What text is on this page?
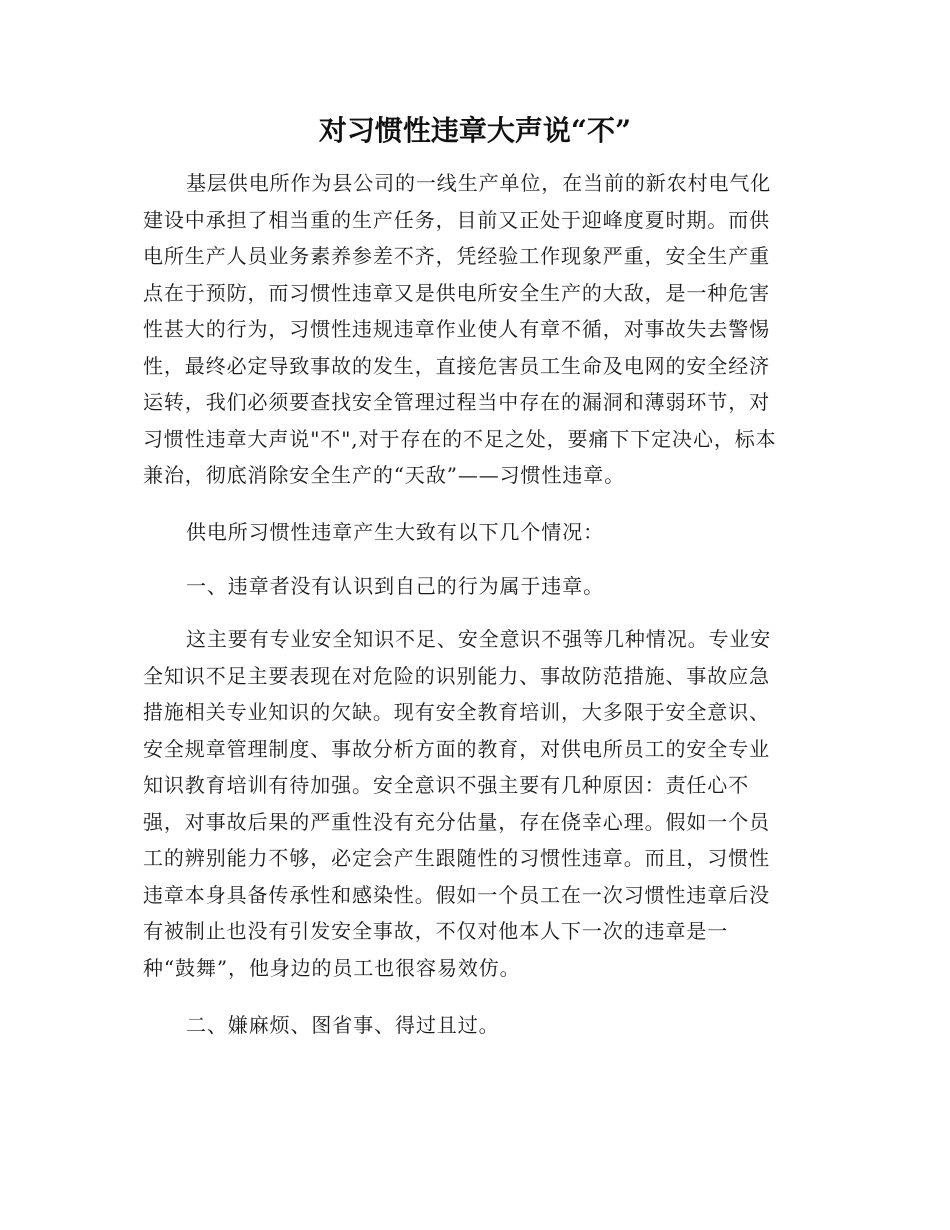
对习惯性违章大声说“不”
基层供电所作为县公司的一线生产单位，在当前的新农村电气化
建设中承担了相当重的生产任务，目前又正处于迎峰度夏时期。而供
电所生产人员业务素养参差不齐，凭经验工作现象严重，安全生产重
点在于预防，而习惯性违章又是供电所安全生产的大敌，是一种危害
性甚大的行为，习惯性违规违章作业使人有章不循，对事故失去警惕
性，最终必定导致事故的发生，直接危害员工生命及电网的安全经济
运转，我们必须要查找安全管理过程当中存在的漏洞和薄弱环节，对
习惯性违章大声说"不",对于存在的不足之处，要痛下下定决心，标本
兼治，彻底消除安全生产的“天敌”——习惯性违章。
供电所习惯性违章产生大致有以下几个情况：
一、违章者没有认识到自己的行为属于违章。
这主要有专业安全知识不足、安全意识不强等几种情况。专业安
全知识不足主要表现在对危险的识别能力、事故防范措施、事故应急
措施相关专业知识的欠缺。现有安全教育培训，大多限于安全意识、
安全规章管理制度、事故分析方面的教育，对供电所员工的安全专业
知识教育培训有待加强。安全意识不强主要有几种原因：责任心不
强，对事故后果的严重性没有充分估量，存在侥幸心理。假如一个员
工的辨别能力不够，必定会产生跟随性的习惯性违章。而且，习惯性
违章本身具备传承性和感染性。假如一个员工在一次习惯性违章后没
有被制止也没有引发安全事故，不仅对他本人下一次的违章是一
种“鼓舞”，他身边的员工也很容易效仿。
二、嫌麻烦、图省事、得过且过。
